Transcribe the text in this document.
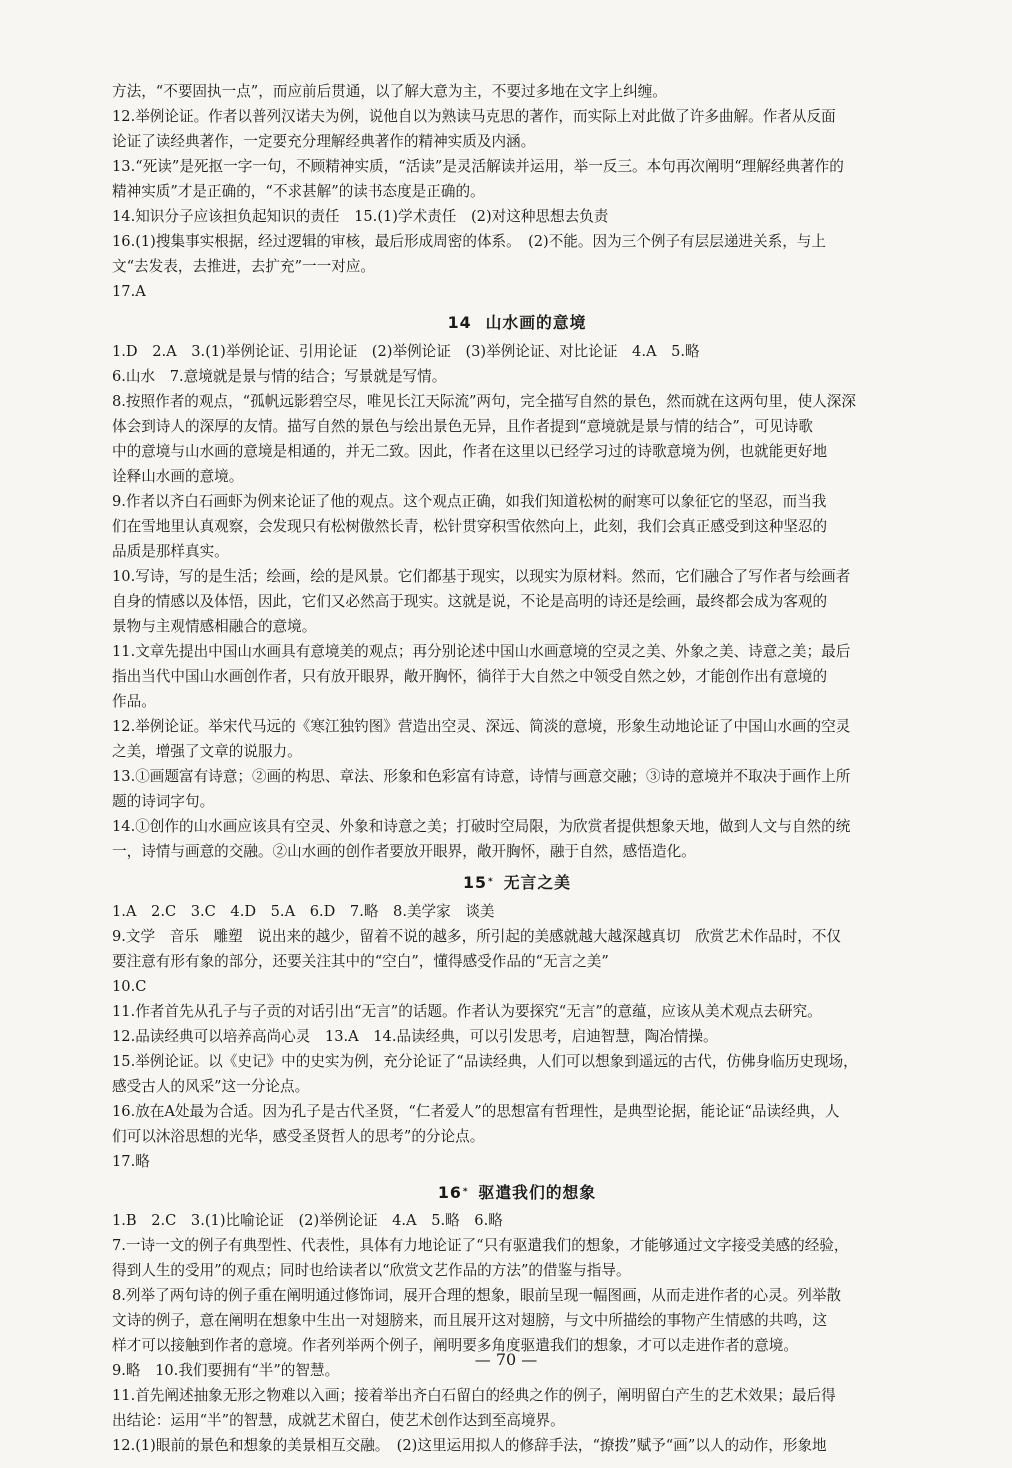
方法，“不要固执一点”，而应前后贯通，以了解大意为主，不要过多地在文字上纠缠。
12.举例论证。作者以普列汉诺夫为例，说他自以为熟读马克思的著作，而实际上对此做了许多曲解。作者从反面
论证了读经典著作，一定要充分理解经典著作的精神实质及内涵。
13.“死读”是死抠一字一句，不顾精神实质，“活读”是灵活解读并运用，举一反三。本句再次阐明“理解经典著作的
精神实质”才是正确的，“不求甚解”的读书态度是正确的。
14.知识分子应该担负起知识的责任　15.(1)学术责任　(2)对这种思想去负责
16.(1)搜集事实根据，经过逻辑的审核，最后形成周密的体系。　(2)不能。因为三个例子有层层递进关系，与上
文“去发表，去推进，去扩充”一一对应。
17.A
14 山水画的意境
1.D　2.A　3.(1)举例论证、引用论证　(2)举例论证　(3)举例论证、对比论证　4.A　5.略
6.山水　7.意境就是景与情的结合；写景就是写情。
8.按照作者的观点，“孤帆远影碧空尽，唯见长江天际流”两句，完全描写自然的景色，然而就在这两句里，使人深深
体会到诗人的深厚的友情。描写自然的景色与绘出景色无异，且作者提到“意境就是景与情的结合”，可见诗歌
中的意境与山水画的意境是相通的，并无二致。因此，作者在这里以已经学习过的诗歌意境为例，也就能更好地
诠释山水画的意境。
9.作者以齐白石画虾为例来论证了他的观点。这个观点正确，如我们知道松树的耐寒可以象征它的坚忍，而当我
们在雪地里认真观察，会发现只有松树傲然长青，松针贯穿积雪依然向上，此刻，我们会真正感受到这种坚忍的
品质是那样真实。
10.写诗，写的是生活；绘画，绘的是风景。它们都基于现实，以现实为原材料。然而，它们融合了写作者与绘画者
自身的情感以及体悟，因此，它们又必然高于现实。这就是说，不论是高明的诗还是绘画，最终都会成为客观的
景物与主观情感相融合的意境。
11.文章先提出中国山水画具有意境美的观点；再分别论述中国山水画意境的空灵之美、外象之美、诗意之美；最后
指出当代中国山水画创作者，只有放开眼界，敞开胸怀，徜徉于大自然之中领受自然之妙，才能创作出有意境的
作品。
12.举例论证。举宋代马远的《寒江独钓图》营造出空灵、深远、简淡的意境，形象生动地论证了中国山水画的空灵
之美，增强了文章的说服力。
13.①画题富有诗意；②画的构思、章法、形象和色彩富有诗意，诗情与画意交融；③诗的意境并不取决于画作上所
题的诗词字句。
14.①创作的山水画应该具有空灵、外象和诗意之美；打破时空局限，为欣赏者提供想象天地，做到人文与自然的统
一，诗情与画意的交融。②山水画的创作者要放开眼界，敞开胸怀，融于自然，感悟造化。
15* 无言之美
1.A　2.C　3.C　4.D　5.A　6.D　7.略　8.美学家　谈美
9.文学　音乐　雕塑　说出来的越少，留着不说的越多，所引起的美感就越大越深越真切　欣赏艺术作品时，不仅
要注意有形有象的部分，还要关注其中的“空白”，懂得感受作品的“无言之美”
10.C
11.作者首先从孔子与子贡的对话引出“无言”的话题。作者认为要探究“无言”的意蕴，应该从美术观点去研究。
12.品读经典可以培养高尚心灵　13.A　14.品读经典，可以引发思考，启迪智慧，陶冶情操。
15.举例论证。以《史记》中的史实为例，充分论证了“品读经典，人们可以想象到遥远的古代，仿佛身临历史现场，
感受古人的风采”这一分论点。
16.放在A处最为合适。因为孔子是古代圣贤，“仁者爱人”的思想富有哲理性，是典型论据，能论证“品读经典，人
们可以沐浴思想的光华，感受圣贤哲人的思考”的分论点。
17.略
16* 驱遣我们的想象
1.B　2.C　3.(1)比喻论证　(2)举例论证　4.A　5.略　6.略
7.一诗一文的例子有典型性、代表性，具体有力地论证了“只有驱遣我们的想象，才能够通过文字接受美感的经验，
得到人生的受用”的观点；同时也给读者以“欣赏文艺作品的方法”的借鉴与指导。
8.列举了两句诗的例子重在阐明通过修饰词，展开合理的想象，眼前呈现一幅图画，从而走进作者的心灵。列举散
文诗的例子，意在阐明在想象中生出一对翅膀来，而且展开这对翅膀，与文中所描绘的事物产生情感的共鸣，这
样才可以接触到作者的意境。作者列举两个例子，阐明要多角度驱遣我们的想象，才可以走进作者的意境。
9.略　10.我们要拥有“半”的智慧。
11.首先阐述抽象无形之物难以入画；接着举出齐白石留白的经典之作的例子，阐明留白产生的艺术效果；最后得
出结论：运用“半”的智慧，成就艺术留白，使艺术创作达到至高境界。
12.(1)眼前的景色和想象的美景相互交融。　(2)这里运用拟人的修辞手法，“撩拨”赋予“画”以人的动作，形象地
— 70 —
